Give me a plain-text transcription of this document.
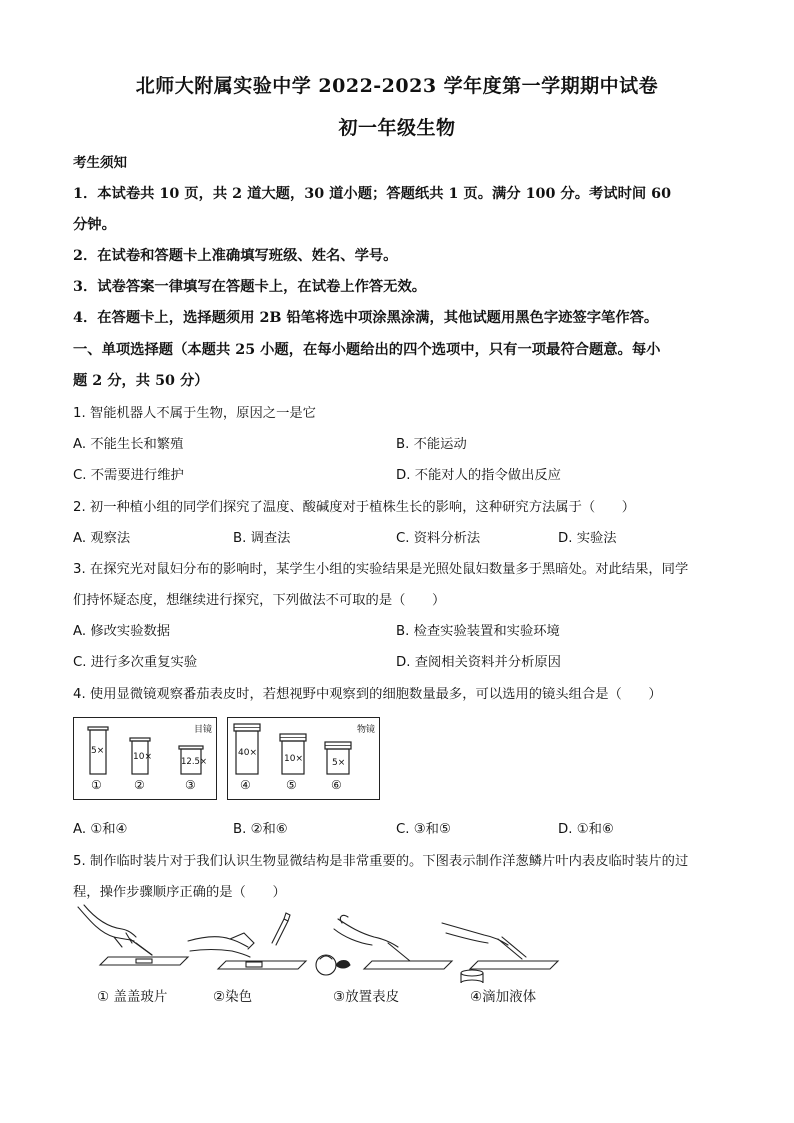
北师大附属实验中学 2022-2023 学年度第一学期期中试卷
初一年级生物
考生须知
1．本试卷共 10 页，共 2 道大题，30 道小题；答题纸共 1 页。满分 100 分。考试时间 60
分钟。
2．在试卷和答题卡上准确填写班级、姓名、学号。
3．试卷答案一律填写在答题卡上，在试卷上作答无效。
4．在答题卡上，选择题须用 2B 铅笔将选中项涂黑涂满，其他试题用黑色字迹签字笔作答。
一、单项选择题（本题共 25 小题，在每小题给出的四个选项中，只有一项最符合题意。每小
题 2 分，共 50 分）
1. 智能机器人不属于生物，原因之一是它
A. 不能生长和繁殖	B. 不能运动
C. 不需要进行维护	D. 不能对人的指令做出反应
2. 初一种植小组的同学们探究了温度、酸碱度对于植株生长的影响，这种研究方法属于（　　）
A. 观察法	B. 调查法	C. 资料分析法	D. 实验法
3. 在探究光对鼠妇分布的影响时，某学生小组的实验结果是光照处鼠妇数量多于黑暗处。对此结果，同学
们持怀疑态度，想继续进行探究，下列做法不可取的是（　　）
A. 修改实验数据	B. 检查实验装置和实验环境
C. 进行多次重复实验	D. 查阅相关资料并分析原因
4. 使用显微镜观察番茄表皮时，若想视野中观察到的细胞数量最多，可以选用的镜头组合是（　　）
目镜
5×
10×	12.5×
①	②	③
物镜
40×
10×	5×
④	⑤	⑥
A. ①和④	B. ②和⑥	C. ③和⑤	D. ①和⑥
5. 制作临时装片对于我们认识生物显微结构是非常重要的。下图表示制作洋葱鳞片叶内表皮临时装片的过
程，操作步骤顺序正确的是（　　）
① 盖盖玻片	②染色	③放置表皮	④滴加液体
